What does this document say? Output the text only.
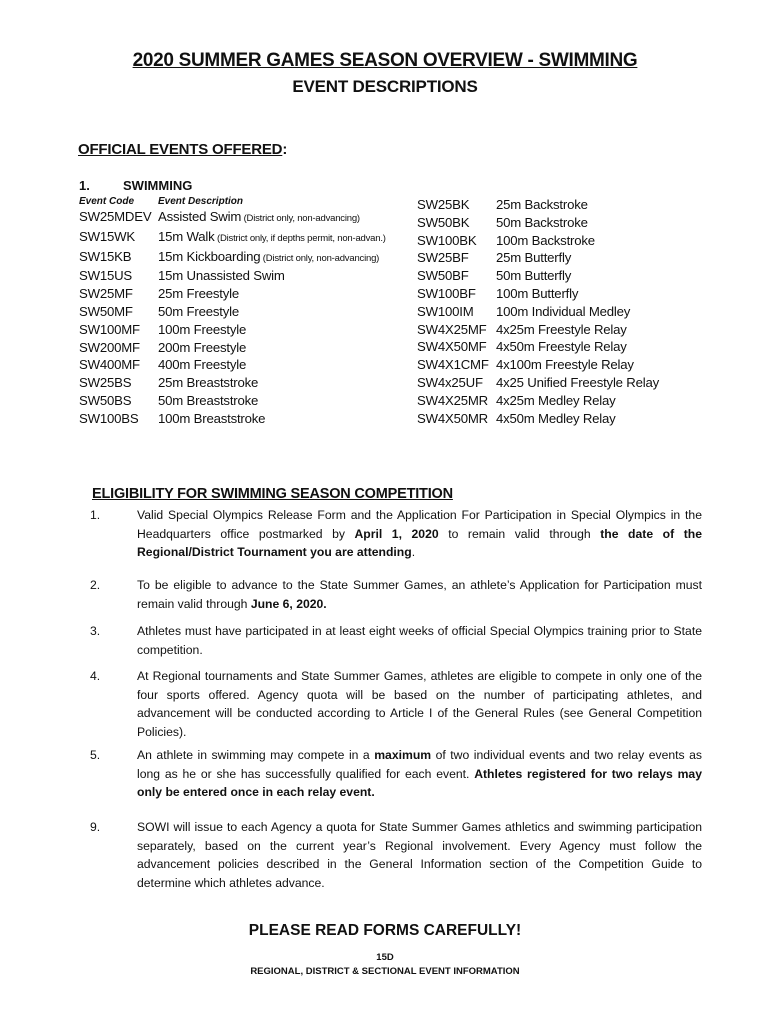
2020 SUMMER GAMES SEASON OVERVIEW - SWIMMING
EVENT DESCRIPTIONS
OFFICIAL EVENTS OFFERED:
1.	SWIMMING
Event Code Event Description
SW25MDEV Assisted Swim (District only, non-advancing)
SW15WK 15m Walk (District only, if depths permit, non-advan.)
SW15KB 15m Kickboarding (District only, non-advancing)
SW15US 15m Unassisted Swim
SW25MF 25m Freestyle
SW50MF 50m Freestyle
SW100MF 100m Freestyle
SW200MF 200m Freestyle
SW400MF 400m Freestyle
SW25BS 25m Breaststroke
SW50BS 50m Breaststroke
SW100BS 100m Breaststroke
SW25BK 25m Backstroke
SW50BK 50m Backstroke
SW100BK 100m Backstroke
SW25BF 25m Butterfly
SW50BF 50m Butterfly
SW100BF 100m Butterfly
SW100IM 100m Individual Medley
SW4X25MF 4x25m Freestyle Relay
SW4X50MF 4x50m Freestyle Relay
SW4X1CMF 4x100m Freestyle Relay
SW4x25UF 4x25 Unified Freestyle Relay
SW4X25MR 4x25m Medley Relay
SW4X50MR 4x50m Medley Relay
ELIGIBILITY FOR SWIMMING SEASON COMPETITION
1.	Valid Special Olympics Release Form and the Application For Participation in Special Olympics in the Headquarters office postmarked by April 1, 2020 to remain valid through the date of the Regional/District Tournament you are attending.
2.	To be eligible to advance to the State Summer Games, an athlete’s Application for Participation must remain valid through June 6, 2020.
3.	Athletes must have participated in at least eight weeks of official Special Olympics training prior to State competition.
4.	At Regional tournaments and State Summer Games, athletes are eligible to compete in only one of the four sports offered. Agency quota will be based on the number of participating athletes, and advancement will be conducted according to Article I of the General Rules (see General Competition Policies).
5.	An athlete in swimming may compete in a maximum of two individual events and two relay events as long as he or she has successfully qualified for each event. Athletes registered for two relays may only be entered once in each relay event.
9.	SOWI will issue to each Agency a quota for State Summer Games athletics and swimming participation separately, based on the current year’s Regional involvement. Every Agency must follow the advancement policies described in the General Information section of the Competition Guide to determine which athletes advance.
PLEASE READ FORMS CAREFULLY!
15D
REGIONAL, DISTRICT & SECTIONAL EVENT INFORMATION
